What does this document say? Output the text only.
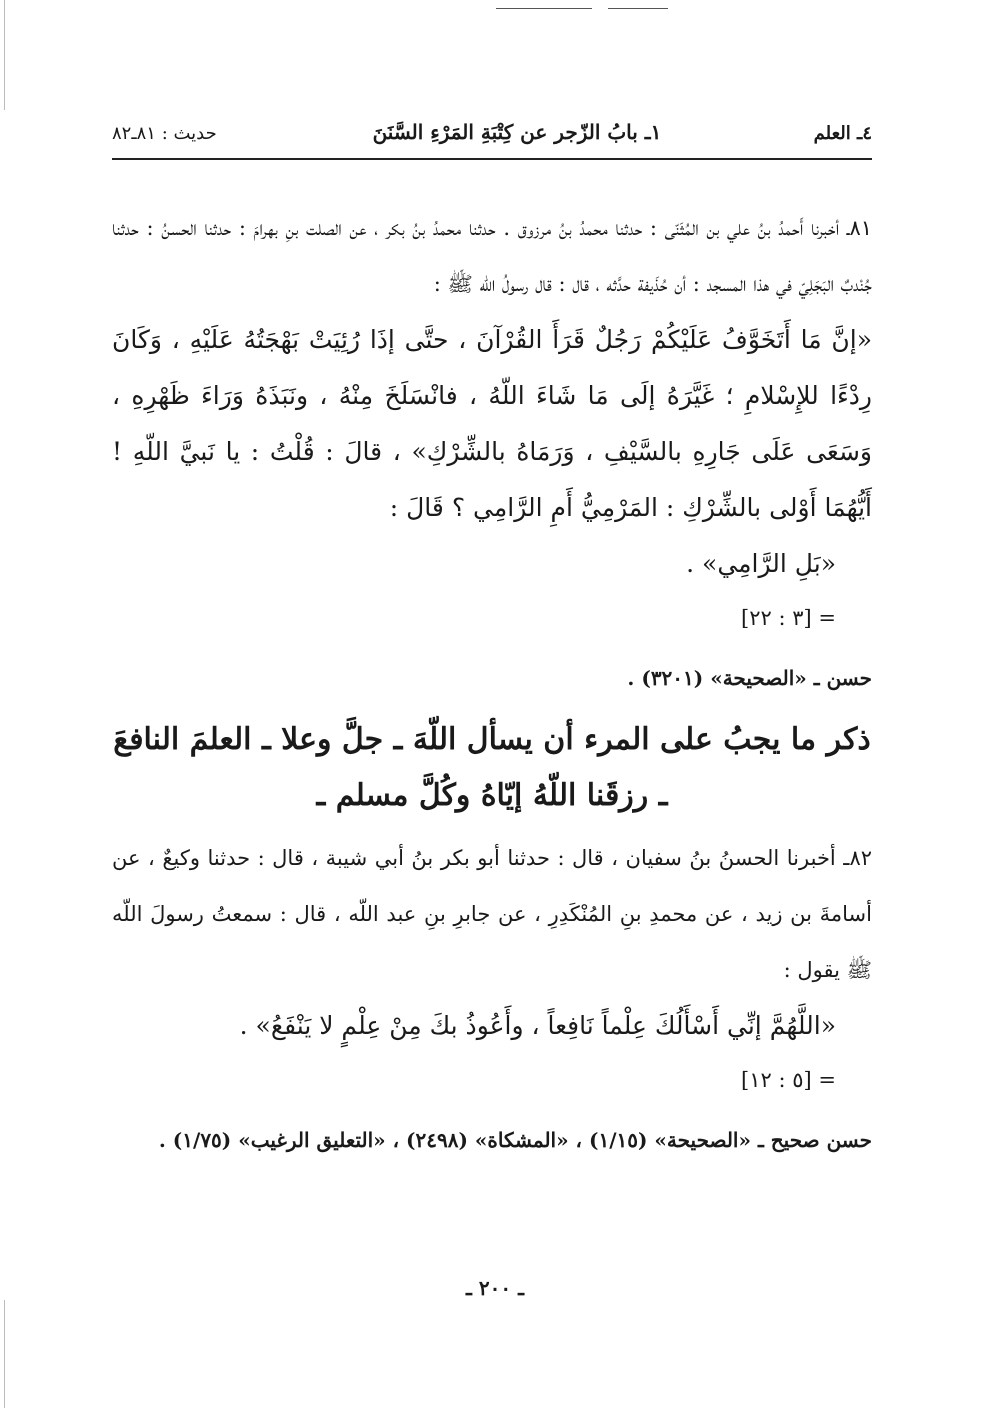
٤ـ العلم
١ـ بابُ الزّجر عن كِتْبَةِ المَرْءِ السَّنَنَ
حديث : ٨١ـ٨٢

٨١ـ أخبرنا أَحمدُ بنُ علي بن المُثَنّى : حدثنا محمدُ بنُ مرزوق . حدثنا محمدُ بنُ بكر ، عن الصلت بنِ بهرامَ : حدثنا الحسنُ : حدثنا جُنْدبٌ البَجَلِيّ في هذا المسجد : أن حُذَيفة حدَّثه ، قال : قال رسولُ اللّه ﷺ :

«إنَّ مَا أَتَخَوَّفُ عَلَيْكُمْ رَجُلٌ قَرَأَ القُرْآنَ ، حتَّى إذَا رُئِيَتْ بَهْجَتُهُ عَلَيْهِ ، وَكَانَ رِدْءًا للإِسْلامِ ؛ غَيَّرَهُ إلَى مَا شَاءَ اللّهُ ، فانْسَلَخَ مِنْهُ ، ونَبَذَهُ وَرَاءَ ظَهْرِهِ ، وَسَعَى عَلَى جَارِهِ بالسَّيْفِ ، وَرَمَاهُ بالشِّرْكِ» ، قالَ : قُلْتُ : يا نَبيَّ اللّهِ ! أَيُّهُمَا أَوْلى بالشِّرْكِ : المَرْمِيُّ أَمِ الرَّامِي ؟ قَالَ :

«بَلِ الرَّامِي» .

= [٣ : ٢٢]

حسن ـ «الصحيحة» (٣٢٠١) .

ذكر ما يجبُ على المرء أن يسأل اللّهَ ـ جلَّ وعلا ـ العلمَ النافعَ
ـ رزقَنا اللّهُ إيّاهُ وكُلَّ مسلم ـ

٨٢ـ أخبرنا الحسنُ بنُ سفيان ، قال : حدثنا أبو بكر بنُ أبي شيبة ، قال : حدثنا وكيعٌ ، عن أسامةَ بن زيد ، عن محمدِ بنِ المُنْكَدِرِ ، عن جابرِ بنِ عبد اللّه ، قال : سمعتُ رسولَ اللّه ﷺ يقول :

«اللَّهُمَّ إنِّي أَسْأَلُكَ عِلْماً نَافِعاً ، وأَعُوذُ بكَ مِنْ عِلْمٍ لا يَنْفَعُ» .

= [٥ : ١٢]

حسن صحيح ـ «الصحيحة» (١/١٥) ، «المشكاة» (٢٤٩٨) ، «التعليق الرغيب» (١/٧٥) .

ـ ٢٠٠ ـ
